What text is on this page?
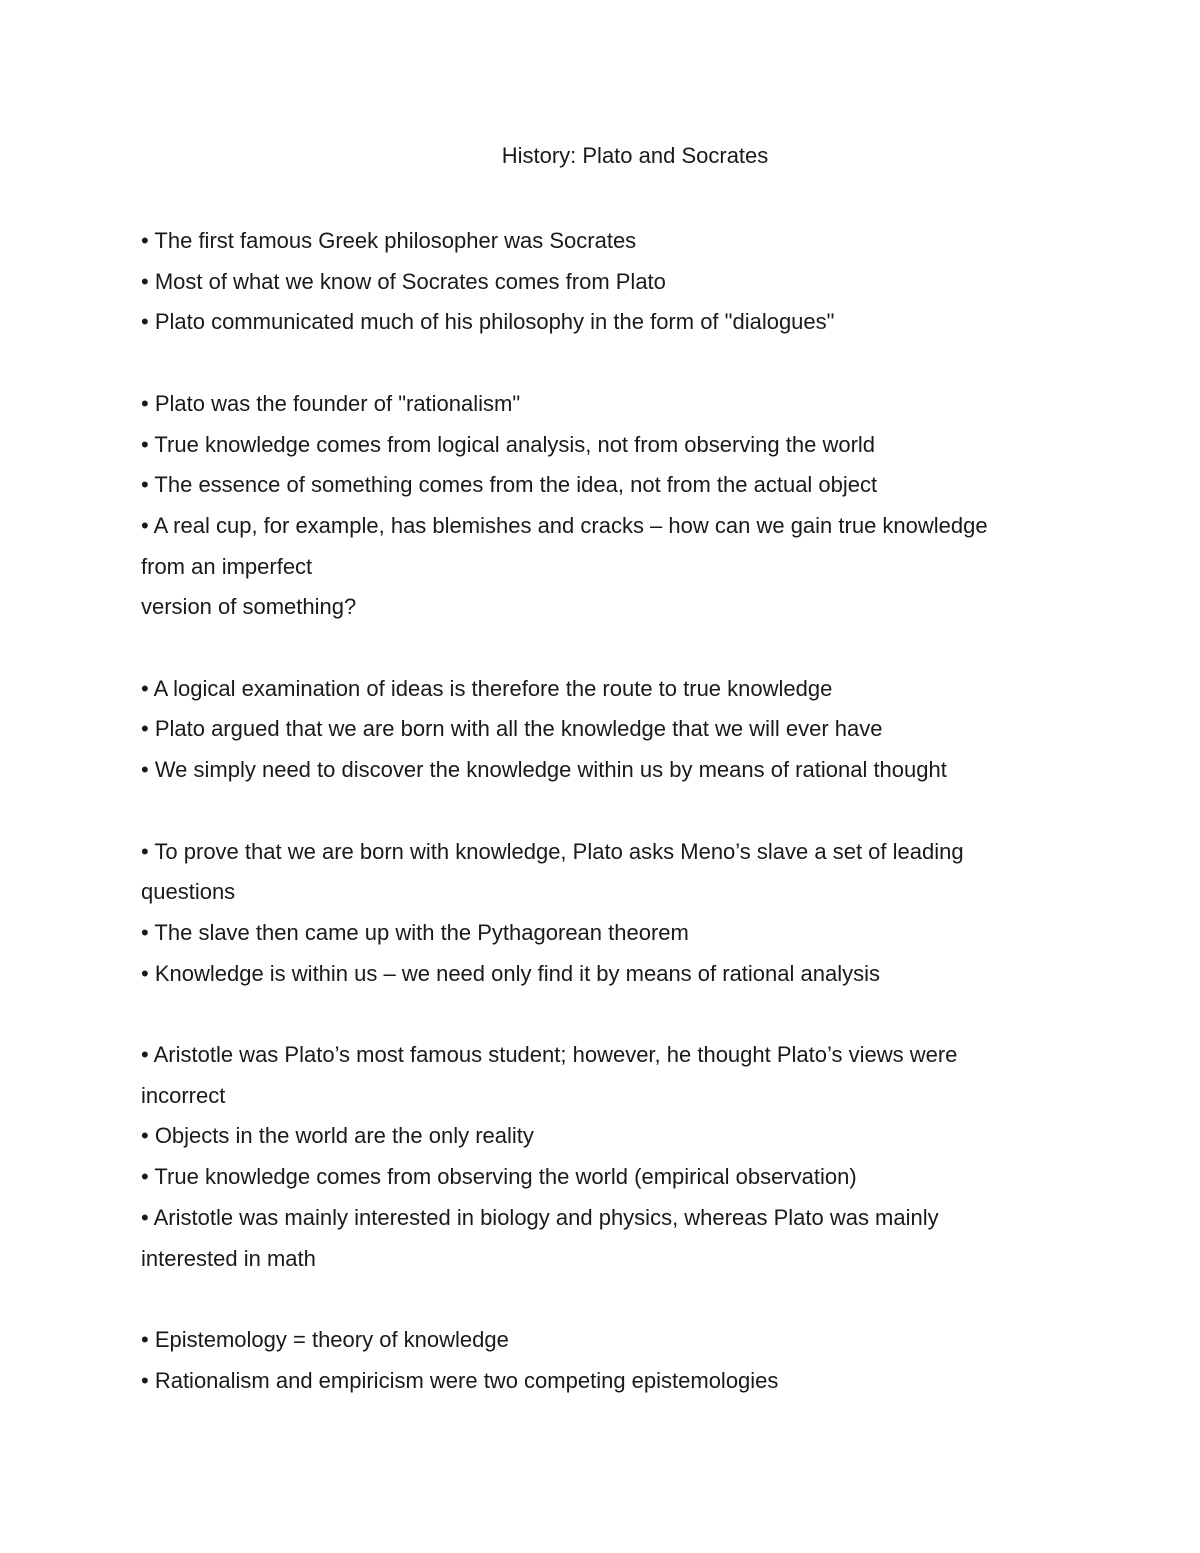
History: Plato and Socrates

• The first famous Greek philosopher was Socrates

• Most of what we know of Socrates comes from Plato

• Plato communicated much of his philosophy in the form of "dialogues"

• Plato was the founder of "rationalism"

• True knowledge comes from logical analysis, not from observing the world

• The essence of something comes from the idea, not from the actual object

• A real cup, for example, has blemishes and cracks – how can we gain true knowledge

from an imperfect

version of something?

• A logical examination of ideas is therefore the route to true knowledge

• Plato argued that we are born with all the knowledge that we will ever have

• We simply need to discover the knowledge within us by means of rational thought

• To prove that we are born with knowledge, Plato asks Meno’s slave a set of leading

questions

• The slave then came up with the Pythagorean theorem

• Knowledge is within us – we need only find it by means of rational analysis

• Aristotle was Plato’s most famous student; however, he thought Plato’s views were

incorrect

• Objects in the world are the only reality

• True knowledge comes from observing the world (empirical observation)

• Aristotle was mainly interested in biology and physics, whereas Plato was mainly

interested in math

• Epistemology = theory of knowledge

• Rationalism and empiricism were two competing epistemologies
